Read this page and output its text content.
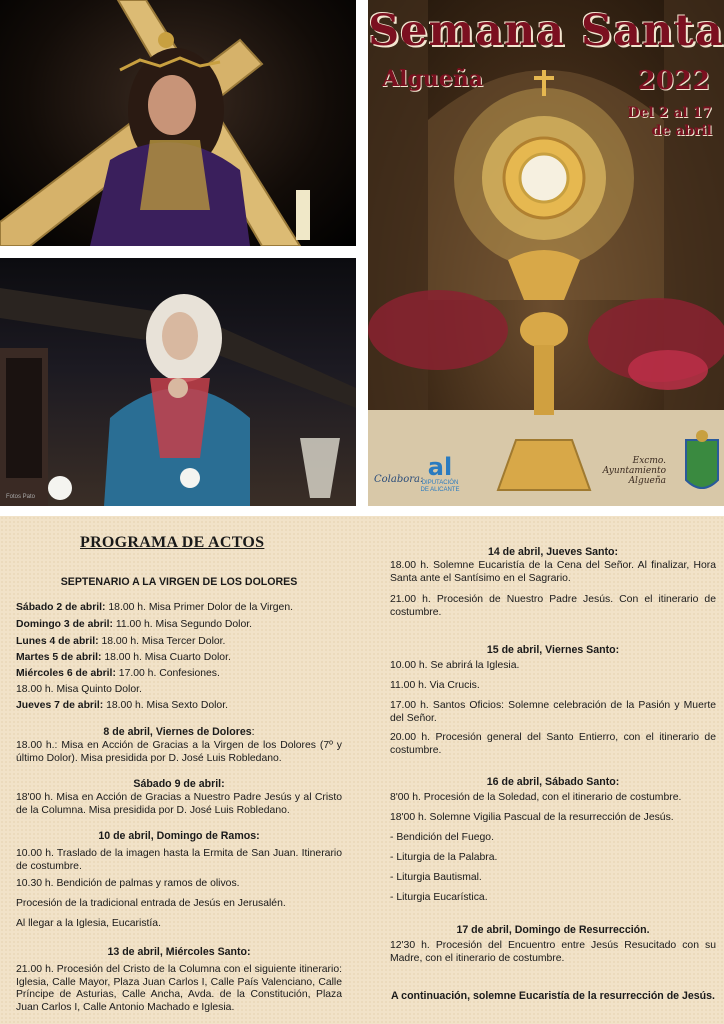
Fotos Pato
Semana Santa
Algueña	2022
Del 2 al 17
de abril
Colabora: al
DIPUTACIÓN
DE ALICANTE
Excmo.
Ayuntamiento
Algueña
PROGRAMA DE ACTOS
SEPTENARIO A LA VIRGEN DE LOS DOLORES
Sábado 2 de abril: 18.00 h. Misa Primer Dolor de la Virgen.
Domingo 3 de abril: 11.00 h. Misa Segundo Dolor.
Lunes 4 de abril: 18.00 h. Misa Tercer Dolor.
Martes 5 de abril: 18.00 h. Misa Cuarto Dolor.
Miércoles 6 de abril: 17.00 h. Confesiones.
18.00 h. Misa Quinto Dolor.
Jueves 7 de abril: 18.00 h. Misa Sexto Dolor.
8 de abril, Viernes de Dolores:
18.00 h.: Misa en Acción de Gracias a la Virgen de los Dolores (7º y último Dolor). Misa presidida por D. José Luis Robledano.
Sábado 9 de abril:
18'00 h. Misa en Acción de Gracias a Nuestro Padre Jesús y al Cristo de la Columna. Misa presidida por D. José Luis Robledano.
10 de abril, Domingo de Ramos:
10.00 h. Traslado de la imagen hasta la Ermita de San Juan. Itinerario de costumbre.
10.30 h. Bendición de palmas y ramos de olivos.
Procesión de la tradicional entrada de Jesús en Jerusalén.
Al llegar a la Iglesia, Eucaristía.
13 de abril, Miércoles Santo:
21.00 h. Procesión del Cristo de la Columna con el siguiente itinerario: Iglesia, Calle Mayor, Plaza Juan Carlos I, Calle País Valenciano, Calle Príncipe de Asturias, Calle Ancha, Avda. de la Constitución, Plaza Juan Carlos I, Calle Antonio Machado e Iglesia.
14 de abril, Jueves Santo:
18.00 h. Solemne Eucaristía de la Cena del Señor. Al finalizar, Hora Santa ante el Santísimo en el Sagrario.
21.00 h. Procesión de Nuestro Padre Jesús. Con el itinerario de costumbre.
15 de abril, Viernes Santo:
10.00 h. Se abrirá la Iglesia.
11.00 h. Via Crucis.
17.00 h. Santos Oficios: Solemne celebración de la Pasión y Muerte del Señor.
20.00 h. Procesión general del Santo Entierro, con el itinerario de costumbre.
16 de abril, Sábado Santo:
8'00 h. Procesión de la Soledad, con el itinerario de costumbre.
18'00 h. Solemne Vigilia Pascual de la resurrección de Jesús.
- Bendición del Fuego.
- Liturgia de la Palabra.
- Liturgia Bautismal.
- Liturgia Eucarística.
17 de abril, Domingo de Resurrección.
12'30 h. Procesión del Encuentro entre Jesús Resucitado con su Madre, con el itinerario de costumbre.
A continuación, solemne Eucaristía de la resurrección de Jesús.
